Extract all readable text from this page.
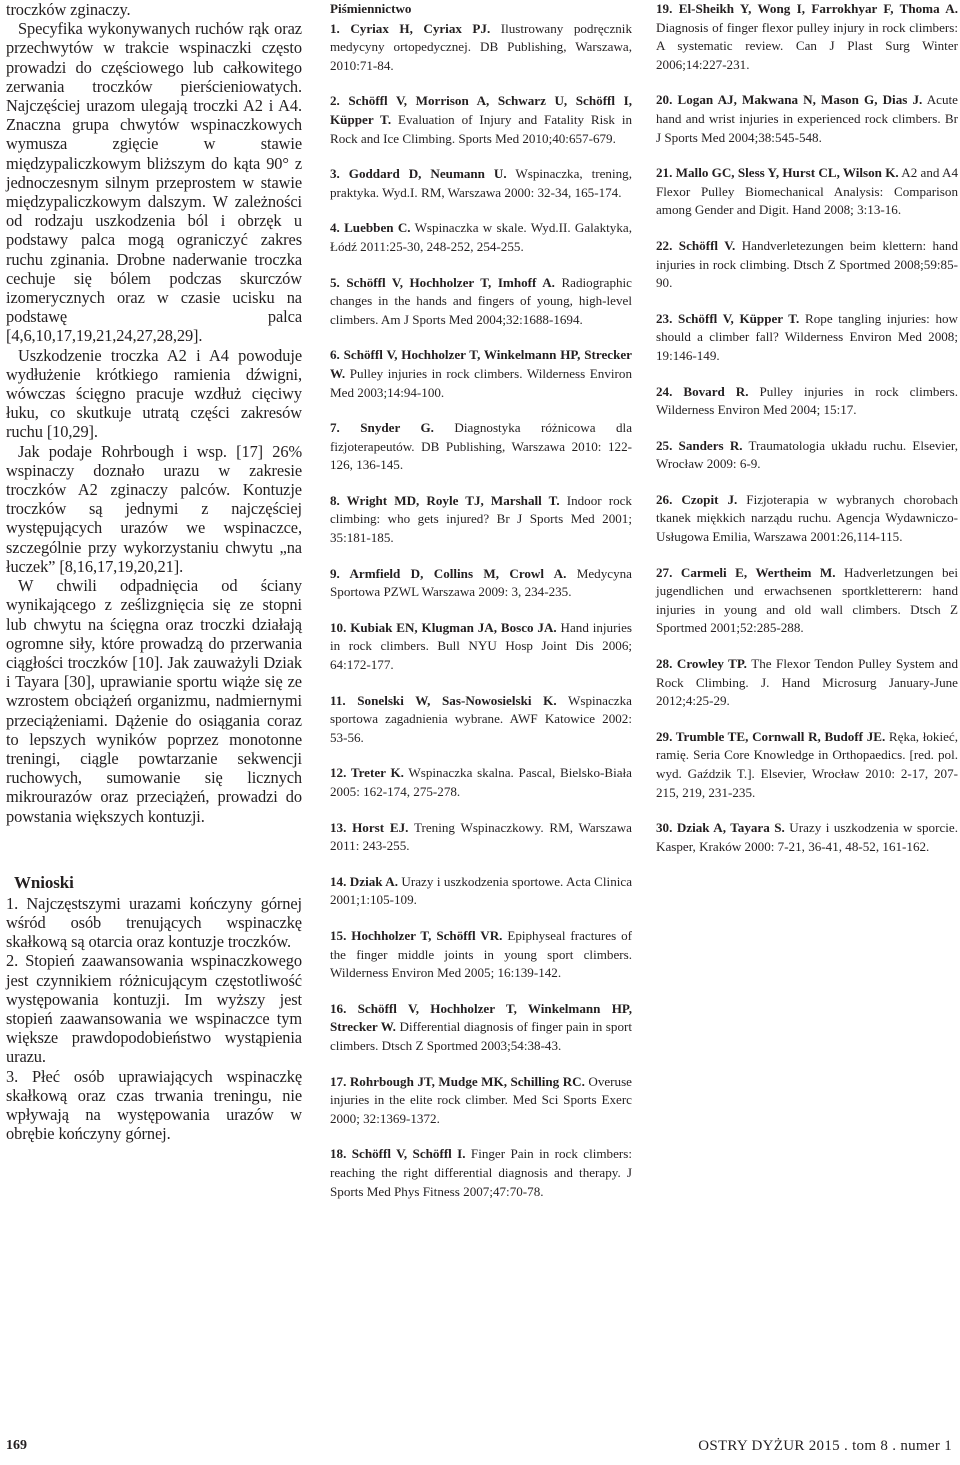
troczków zginaczy.

Specyfika wykonywanych ruchów rąk oraz przechwytów w trakcie wspinaczki często prowadzi do częściowego lub całkowitego zerwania troczków pierścieniowatych. Najczęściej urazom ulegają troczki A2 i A4. Znaczna grupa chwytów wspinaczkowych wymusza zgięcie w stawie międzypaliczkowym bliższym do kąta 90° z jednoczesnym silnym przeprostem w stawie międzypaliczkowym dalszym. W zależności od rodzaju uszkodzenia ból i obrzęk u podstawy palca mogą ograniczyć zakres ruchu zginania. Drobne naderwanie troczka cechuje się bólem podczas skurczów izomerycznych oraz w czasie ucisku na podstawę palca [4,6,10,17,19,21,24,27,28,29].

Uszkodzenie troczka A2 i A4 powoduje wydłużenie krótkiego ramienia dźwigni, wówczas ścięgno pracuje wzdłuż cięciwy łuku, co skutkuje utratą części zakresów ruchu [10,29].

Jak podaje Rohrbough i wsp. [17] 26% wspinaczy doznało urazu w zakresie troczków A2 zginaczy palców. Kontuzje troczków są jednymi z najczęściej występujących urazów we wspinaczce, szczególnie przy wykorzystaniu chwytu „na łuczek” [8,16,17,19,20,21].

W chwili odpadnięcia od ściany wynikającego z ześlizgnięcia się ze stopni lub chwytu na ścięgna oraz troczki działają ogromne siły, które prowadzą do przerwania ciągłości troczków [10]. Jak zauważyli Dziak i Tayara [30], uprawianie sportu wiąże się ze wzrostem obciążeń organizmu, nadmiernymi przeciążeniami. Dążenie do osiągania coraz to lepszych wyników poprzez monotonne treningi, ciągle powtarzanie sekwencji ruchowych, sumowanie się licznych mikrourazów oraz przeciążeń, prowadzi do powstania większych kontuzji.

Wnioski

1. Najczęstszymi urazami kończyny górnej wśród osób trenujących wspinaczkę skałkową są otarcia oraz kontuzje troczków.

2. Stopień zaawansowania wspinaczkowego jest czynnikiem różnicującym częstotliwość występowania kontuzji. Im wyższy jest stopień zaawansowania we wspinaczce tym większe prawdopodobieństwo wystąpienia urazu.

3. Płeć osób uprawiających wspinaczkę skałkową oraz czas trwania treningu, nie wpływają na występowania urazów w obrębie kończyny górnej.

Piśmiennictwo

1. Cyriax H, Cyriax PJ. Ilustrowany podręcznik medycyny ortopedycznej. DB Publishing, Warszawa, 2010:71-84.

2. Schöffl V, Morrison A, Schwarz U, Schöffl I, Küpper T. Evaluation of Injury and Fatality Risk in Rock and Ice Climbing. Sports Med 2010;40:657-679.

3. Goddard D, Neumann U. Wspinaczka, trening, praktyka. Wyd.I. RM, Warszawa 2000: 32-34, 165-174.

4. Luebben C. Wspinaczka w skale. Wyd.II. Galaktyka, Łódź 2011:25-30, 248-252, 254-255.

5. Schöffl V, Hochholzer T, Imhoff A. Radiographic changes in the hands and fingers of young, high-level climbers. Am J Sports Med 2004;32:1688-1694.

6. Schöffl V, Hochholzer T, Winkelmann HP, Strecker W. Pulley injuries in rock climbers. Wilderness Environ Med 2003;14:94-100.

7. Snyder G. Diagnostyka różnicowa dla fizjoterapeutów. DB Publishing, Warszawa 2010: 122-126, 136-145.

8. Wright MD, Royle TJ, Marshall T. Indoor rock climbing: who gets injured? Br J Sports Med 2001; 35:181-185.

9. Armfield D, Collins M, Crowl A. Medycyna Sportowa PZWL Warszawa 2009: 3, 234-235.

10. Kubiak EN, Klugman JA, Bosco JA. Hand injuries in rock climbers. Bull NYU Hosp Joint Dis 2006; 64:172-177.

11. Sonelski W, Sas-Nowosielski K. Wspinaczka sportowa zagadnienia wybrane. AWF Katowice 2002: 53-56.

12. Treter K. Wspinaczka skalna. Pascal, Bielsko-Biała 2005: 162-174, 275-278.

13. Horst EJ. Trening Wspinaczkowy. RM, Warszawa 2011: 243-255.

14. Dziak A. Urazy i uszkodzenia sportowe. Acta Clinica 2001;1:105-109.

15. Hochholzer T, Schöffl VR. Epiphyseal fractures of the finger middle joints in young sport climbers. Wilderness Environ Med 2005; 16:139-142.

16. Schöffl V, Hochholzer T, Winkelmann HP, Strecker W. Differential diagnosis of finger pain in sport climbers. Dtsch Z Sportmed 2003;54:38-43.

17. Rohrbough JT, Mudge MK, Schilling RC. Overuse injuries in the elite rock climber. Med Sci Sports Exerc 2000; 32:1369-1372.

18. Schöffl V, Schöffl I. Finger Pain in rock climbers: reaching the right differential diagnosis and therapy. J Sports Med Phys Fitness 2007;47:70-78.

19. El-Sheikh Y, Wong I, Farrokhyar F, Thoma A. Diagnosis of finger flexor pulley injury in rock climbers: A systematic review. Can J Plast Surg Winter 2006;14:227-231.

20. Logan AJ, Makwana N, Mason G, Dias J. Acute hand and wrist injuries in experienced rock climbers. Br J Sports Med 2004;38:545-548.

21. Mallo GC, Sless Y, Hurst CL, Wilson K. A2 and A4 Flexor Pulley Biomechanical Analysis: Comparison among Gender and Digit. Hand 2008; 3:13-16.

22. Schöffl V. Handverletezungen beim klettern: hand injuries in rock climbing. Dtsch Z Sportmed 2008;59:85-90.

23. Schöffl V, Küpper T. Rope tangling injuries: how should a climber fall? Wilderness Environ Med 2008; 19:146-149.

24. Bovard R. Pulley injuries in rock climbers. Wilderness Environ Med 2004; 15:17.

25. Sanders R. Traumatologia układu ruchu. Elsevier, Wrocław 2009: 6-9.

26. Czopit J. Fizjoterapia w wybranych chorobach tkanek miękkich narządu ruchu. Agencja Wydawniczo-Usługowa Emilia, Warszawa 2001:26,114-115.

27. Carmeli E, Wertheim M. Hadverletzungen bei jugendlichen und erwachsenen sportkletterern: hand injuries in young and old wall climbers. Dtsch Z Sportmed 2001;52:285-288.

28. Crowley TP. The Flexor Tendon Pulley System and Rock Climbing. J. Hand Microsurg January-June 2012;4:25-29.

29. Trumble TE, Cornwall R, Budoff JE. Ręka, łokieć, ramię. Seria Core Knowledge in Orthopaedics. [red. pol. wyd. Gaździk T.]. Elsevier, Wrocław 2010: 2-17, 207-215, 219, 231-235.

30. Dziak A, Tayara S. Urazy i uszkodzenia w sporcie. Kasper, Kraków 2000: 7-21, 36-41, 48-52, 161-162.

169	OSTRY DYŻUR 2015 . tom 8 . numer 1
